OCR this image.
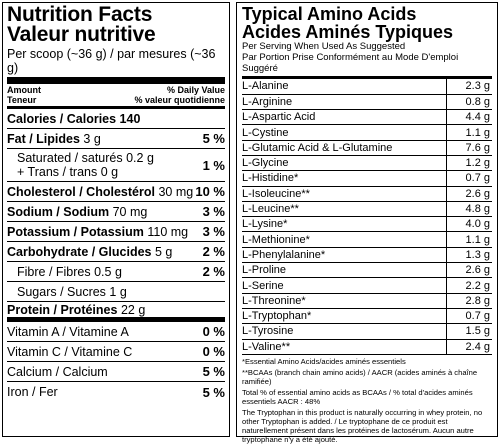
Nutrition Facts
Valeur nutritive
Per scoop (~36 g) / par mesures (~36 g)
Amount	% Daily Value
Teneur	% valeur quotidienne
Calories / Calories 140
Fat / Lipides 3 g	5 %
Saturated / saturés 0.2 g
+ Trans / trans 0 g	1 %
Cholesterol / Cholestérol 30 mg 10 %
Sodium / Sodium 70 mg	3 %
Potassium / Potassium 110 mg 3 %
Carbohydrate / Glucides 5 g 2 %
Fibre / Fibres 0.5 g	2 %
Sugars / Sucres 1 g
Protein / Protéines 22 g
Vitamin A / Vitamine A	0 %
Vitamin C / Vitamine C	0 %
Calcium / Calcium	5 %
Iron / Fer	5 %
Typical Amino Acids
Acides Aminés Typiques
Per Serving When Used As Suggested
Par Portion Prise Conformément au Mode D'emploi Suggéré
L-Alanine	2.3 g
L-Arginine	0.8 g
L-Aspartic Acid	4.4 g
L-Cystine	1.1 g
L-Glutamic Acid & L-Glutamine	7.6 g
L-Glycine	1.2 g
L-Histidine*	0.7 g
L-Isoleucine**	2.6 g
L-Leucine**	4.8 g
L-Lysine*	4.0 g
L-Methionine*	1.1 g
L-Phenylalanine*	1.3 g
L-Proline	2.6 g
L-Serine	2.2 g
L-Threonine*	2.8 g
L-Tryptophan*	0.7 g
L-Tyrosine	1.5 g
L-Valine**	2.4 g

*Essential Amino Acids/acides aminés essentiels

**BCAAs (branch chain amino acids) / AACR (acides aminés à chaîne ramifiée)

Total % of essential amino acids as BCAAs / % total d'acides aminés essentiels AACR : 48%

The Tryptophan in this product is naturally occurring in whey protein, no other Tryptophan is added. / Le tryptophane de ce produit est naturellement présent dans les protéines de lactosérum. Aucun autre tryptophane n'y a été ajouté.
